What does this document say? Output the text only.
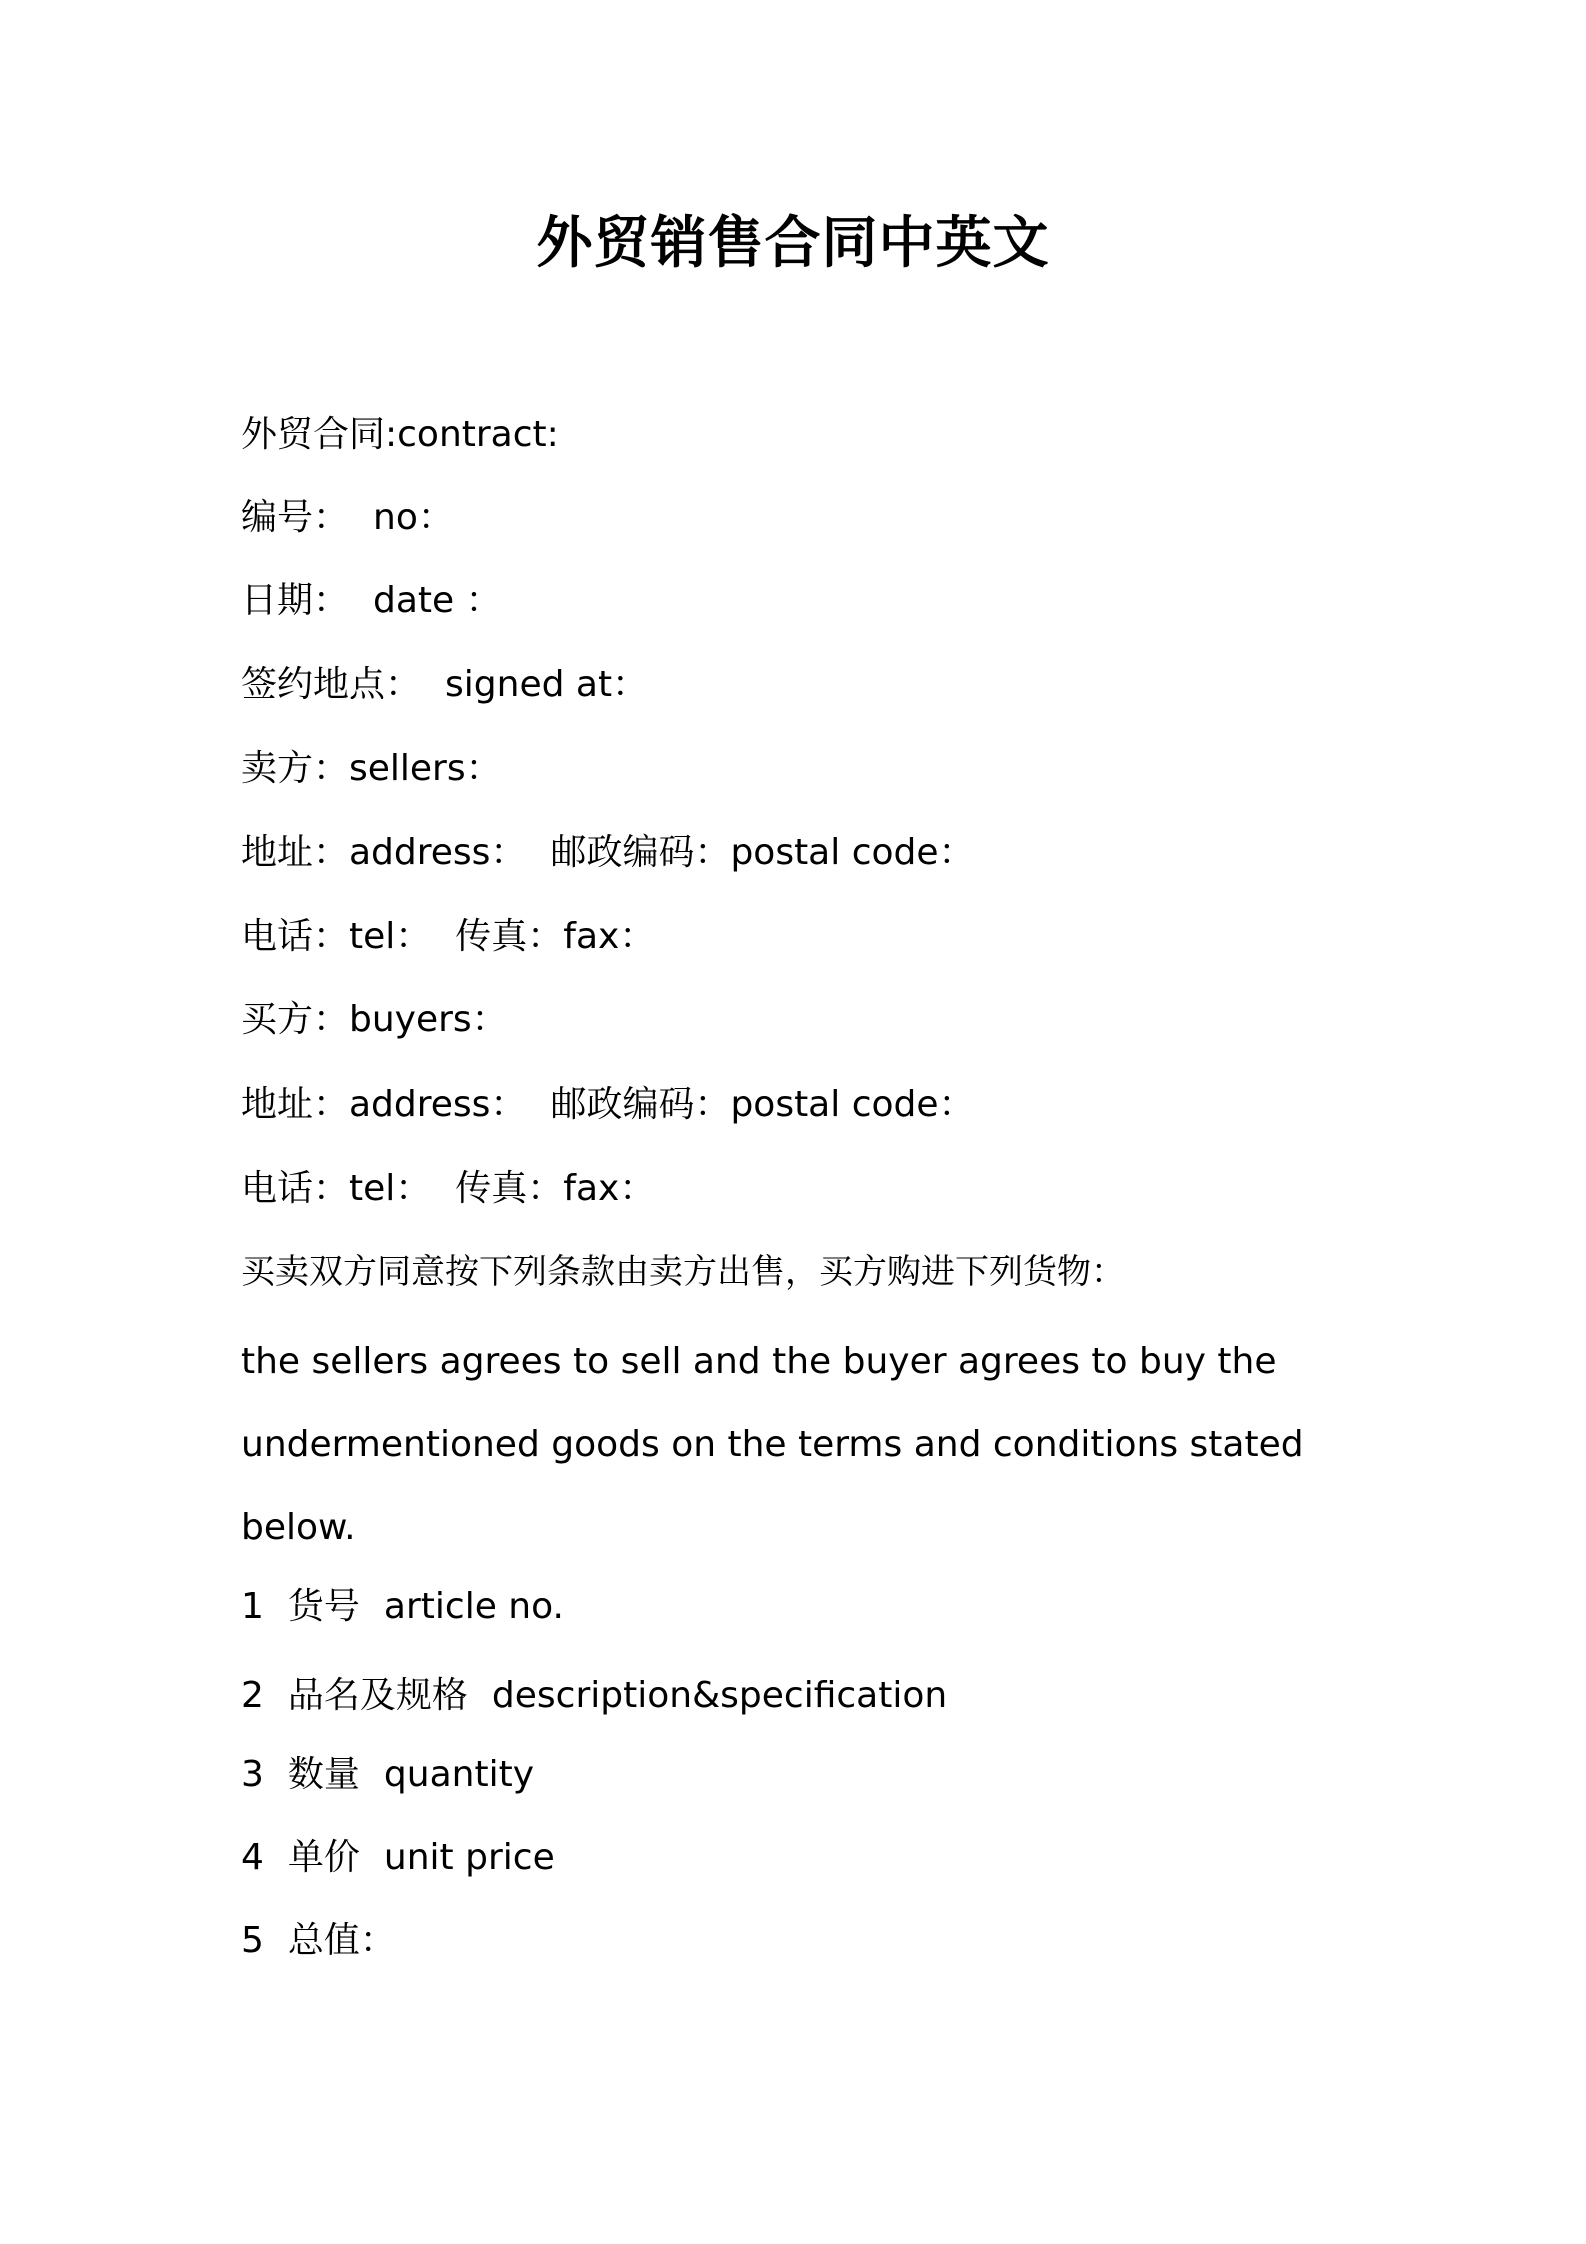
外贸销售合同中英文

外贸合同:contract:

编号： no：

日期： date ：

签约地点： signed at：

卖方：sellers：

地址：address： 邮政编码：postal code：

电话：tel： 传真：fax：

买方：buyers：

地址：address： 邮政编码：postal code：

电话：tel： 传真：fax：

买卖双方同意按下列条款由卖方出售，买方购进下列货物：

the sellers agrees to sell and the buyer agrees to buy the

undermentioned goods on the terms and conditions stated

below.

1 货号 article no.

2 品名及规格 description&specification

3 数量 quantity

4 单价 unit price

5 总值：
